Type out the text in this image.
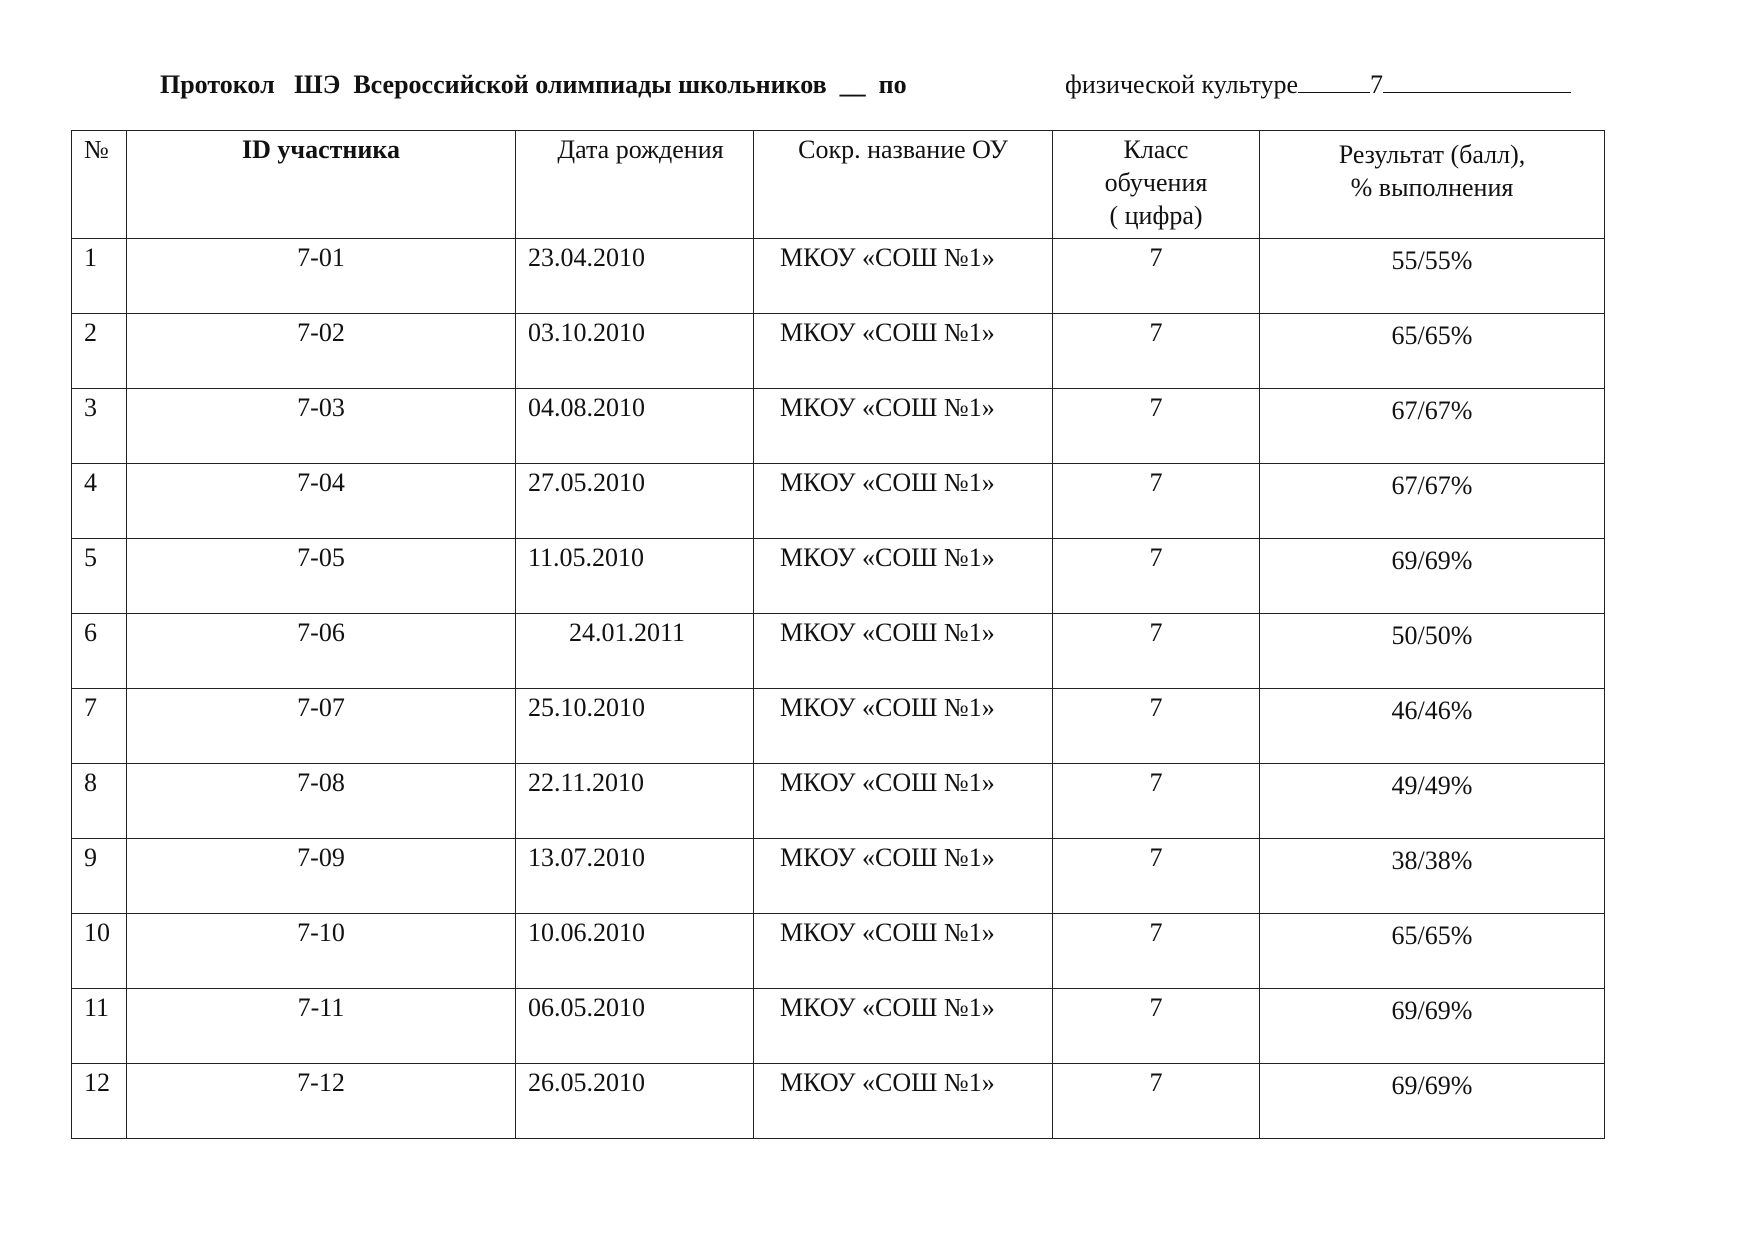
Протокол   ШЭ  Всероссийской олимпиады школьников  __  по	физической культуре	7
№	ID участника	Дата рождения	Сокр. название ОУ	Класс
обучения
( цифра)	Результат (балл),
% выполнения
1	7-01	23.04.2010	МКОУ «СОШ №1»	7	55/55%
2	7-02	03.10.2010	МКОУ «СОШ №1»	7	65/65%
3	7-03	04.08.2010	МКОУ «СОШ №1»	7	67/67%
4	7-04	27.05.2010	МКОУ «СОШ №1»	7	67/67%
5	7-05	11.05.2010	МКОУ «СОШ №1»	7	69/69%
6	7-06	24.01.2011	МКОУ «СОШ №1»	7	50/50%
7	7-07	25.10.2010	МКОУ «СОШ №1»	7	46/46%
8	7-08	22.11.2010	МКОУ «СОШ №1»	7	49/49%
9	7-09	13.07.2010	МКОУ «СОШ №1»	7	38/38%
10	7-10	10.06.2010	МКОУ «СОШ №1»	7	65/65%
11	7-11	06.05.2010	МКОУ «СОШ №1»	7	69/69%
12	7-12	26.05.2010	МКОУ «СОШ №1»	7	69/69%
